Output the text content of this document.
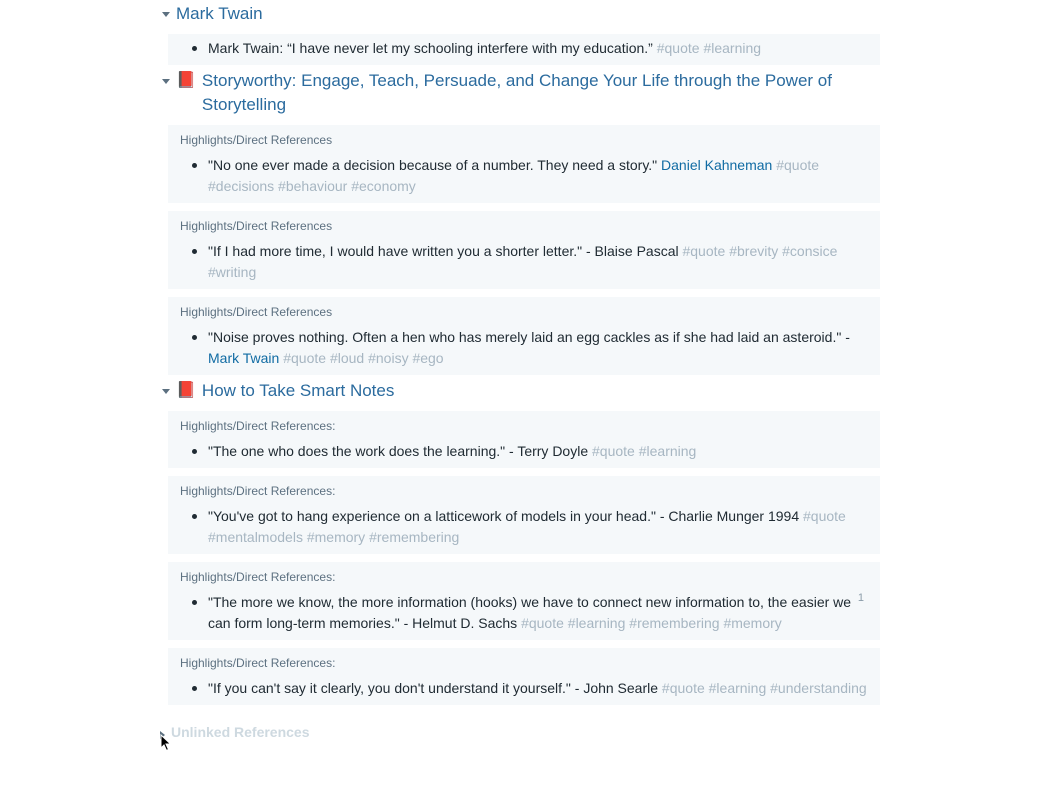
Mark Twain
Mark Twain: “I have never let my schooling interfere with my education.” #quote #learning
📕 Storyworthy: Engage, Teach, Persuade, and Change Your Life through the Power of Storytelling
Highlights/Direct References
"No one ever made a decision because of a number. They need a story." Daniel Kahneman #quote #decisions #behaviour #economy
Highlights/Direct References
"If I had more time, I would have written you a shorter letter." - Blaise Pascal #quote #brevity #consice #writing
Highlights/Direct References
"Noise proves nothing. Often a hen who has merely laid an egg cackles as if she had laid an asteroid." - Mark Twain #quote #loud #noisy #ego
📕 How to Take Smart Notes
Highlights/Direct References:
"The one who does the work does the learning." - Terry Doyle #quote #learning
Highlights/Direct References:
"You've got to hang experience on a latticework of models in your head." - Charlie Munger 1994 #quote #mentalmodels #memory #remembering
Highlights/Direct References:
"The more we know, the more information (hooks) we have to connect new information to, the easier we can form long-term memories." - Helmut D. Sachs #quote #learning #remembering #memory
1
Highlights/Direct References:
"If you can't say it clearly, you don't understand it yourself." - John Searle #quote #learning #understanding
Unlinked References
